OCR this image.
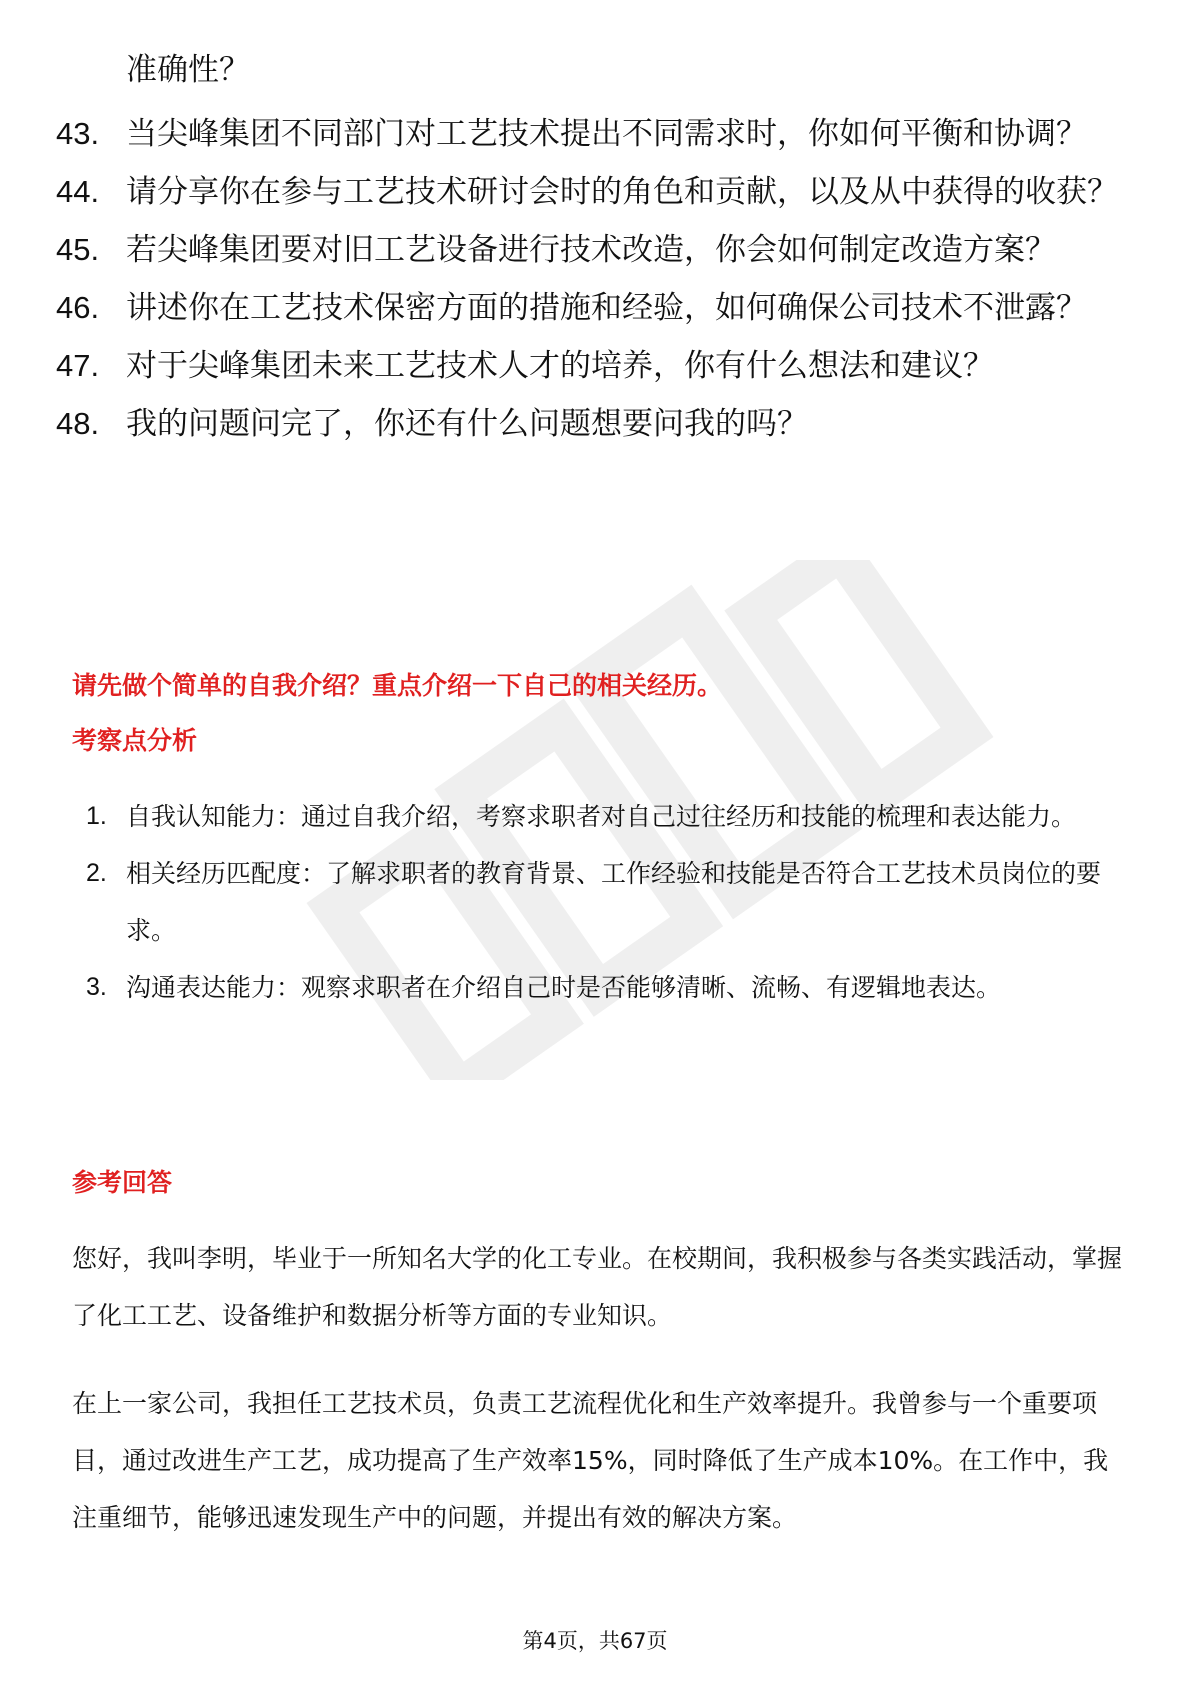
准确性？
43. 当尖峰集团不同部门对工艺技术提出不同需求时，你如何平衡和协调？
44. 请分享你在参与工艺技术研讨会时的角色和贡献，以及从中获得的收获？
45. 若尖峰集团要对旧工艺设备进行技术改造，你会如何制定改造方案？
46. 讲述你在工艺技术保密方面的措施和经验，如何确保公司技术不泄露？
47. 对于尖峰集团未来工艺技术人才的培养，你有什么想法和建议？
48. 我的问题问完了，你还有什么问题想要问我的吗？
请先做个简单的自我介绍？重点介绍一下自己的相关经历。
考察点分析
1. 自我认知能力：通过自我介绍，考察求职者对自己过往经历和技能的梳理和表达能力。
2. 相关经历匹配度：了解求职者的教育背景、工作经验和技能是否符合工艺技术员岗位的要求。
3. 沟通表达能力：观察求职者在介绍自己时是否能够清晰、流畅、有逻辑地表达。
参考回答

您好，我叫李明，毕业于一所知名大学的化工专业。在校期间，我积极参与各类实践活动，掌握了化工工艺、设备维护和数据分析等方面的专业知识。

在上一家公司，我担任工艺技术员，负责工艺流程优化和生产效率提升。我曾参与一个重要项目，通过改进生产工艺，成功提高了生产效率15%，同时降低了生产成本10%。在工作中，我注重细节，能够迅速发现生产中的问题，并提出有效的解决方案。

第4页，共67页
